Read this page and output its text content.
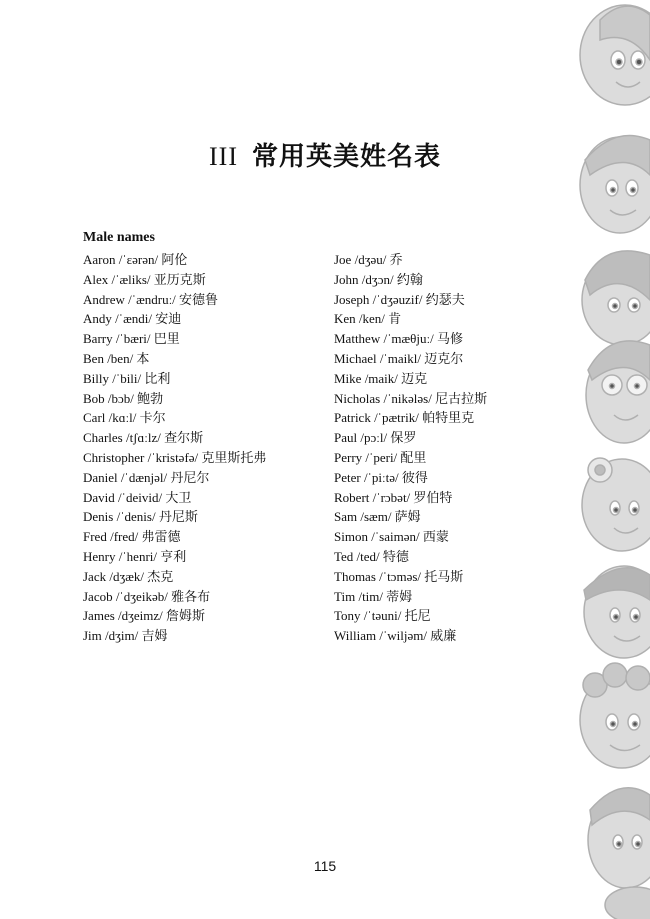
III 常用英美姓名表
Male names
Aaron /ˈɛərən/ 阿伦
Alex /ˈæliks/ 亚历克斯
Andrew /ˈændruː/ 安德鲁
Andy /ˈændi/ 安迪
Barry /ˈbæri/ 巴里
Ben /ben/ 本
Billy /ˈbili/ 比利
Bob /bɔb/ 鲍勃
Carl /kɑːl/ 卡尔
Charles /tʃɑːlz/ 查尔斯
Christopher /ˈkristəfə/ 克里斯托弗
Daniel /ˈdænjəl/ 丹尼尔
David /ˈdeivid/ 大卫
Denis /ˈdenis/ 丹尼斯
Fred /fred/ 弗雷德
Henry /ˈhenri/ 亨利
Jack /dʒæk/ 杰克
Jacob /ˈdʒeikəb/ 雅各布
James /dʒeimz/ 詹姆斯
Jim /dʒim/ 吉姆
Joe /dʒəu/ 乔
John /dʒɔn/ 约翰
Joseph /ˈdʒəuzif/ 约瑟夫
Ken /ken/ 肯
Matthew /ˈmæθjuː/ 马修
Michael /ˈmaikl/ 迈克尔
Mike /maik/ 迈克
Nicholas /ˈnikələs/ 尼古拉斯
Patrick /ˈpætrik/ 帕特里克
Paul /pɔːl/ 保罗
Perry /ˈperi/ 配里
Peter /ˈpiːtə/ 彼得
Robert /ˈrɔbət/ 罗伯特
Sam /sæm/ 萨姆
Simon /ˈsaimən/ 西蒙
Ted /ted/ 特德
Thomas /ˈtɔməs/ 托马斯
Tim /tim/ 蒂姆
Tony /ˈtəuni/ 托尼
William /ˈwiljəm/ 威廉
115
